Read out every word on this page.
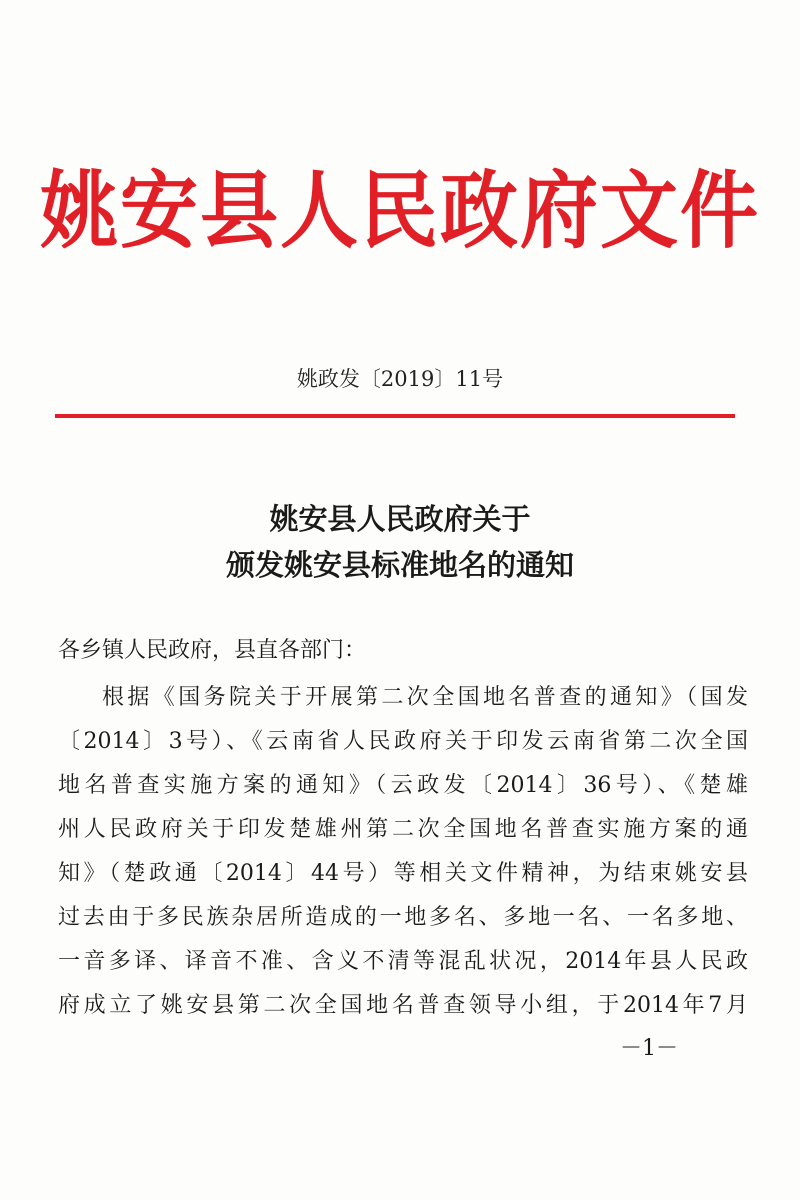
姚安县人民政府文件
姚政发〔2019〕11号
姚安县人民政府关于
颁发姚安县标准地名的通知
各乡镇人民政府，县直各部门：
根据《国务院关于开展第二次全国地名普查的通知》（国发
〔2014〕3号）、《云南省人民政府关于印发云南省第二次全国
地名普查实施方案的通知》（云政发〔2014〕36号）、《楚雄
州人民政府关于印发楚雄州第二次全国地名普查实施方案的通
知》（楚政通〔2014〕44号）等相关文件精神，为结束姚安县
过去由于多民族杂居所造成的一地多名、多地一名、一名多地、
一音多译、译音不准、含义不清等混乱状况，2014年县人民政
府成立了姚安县第二次全国地名普查领导小组，于2014年7月
－1－
